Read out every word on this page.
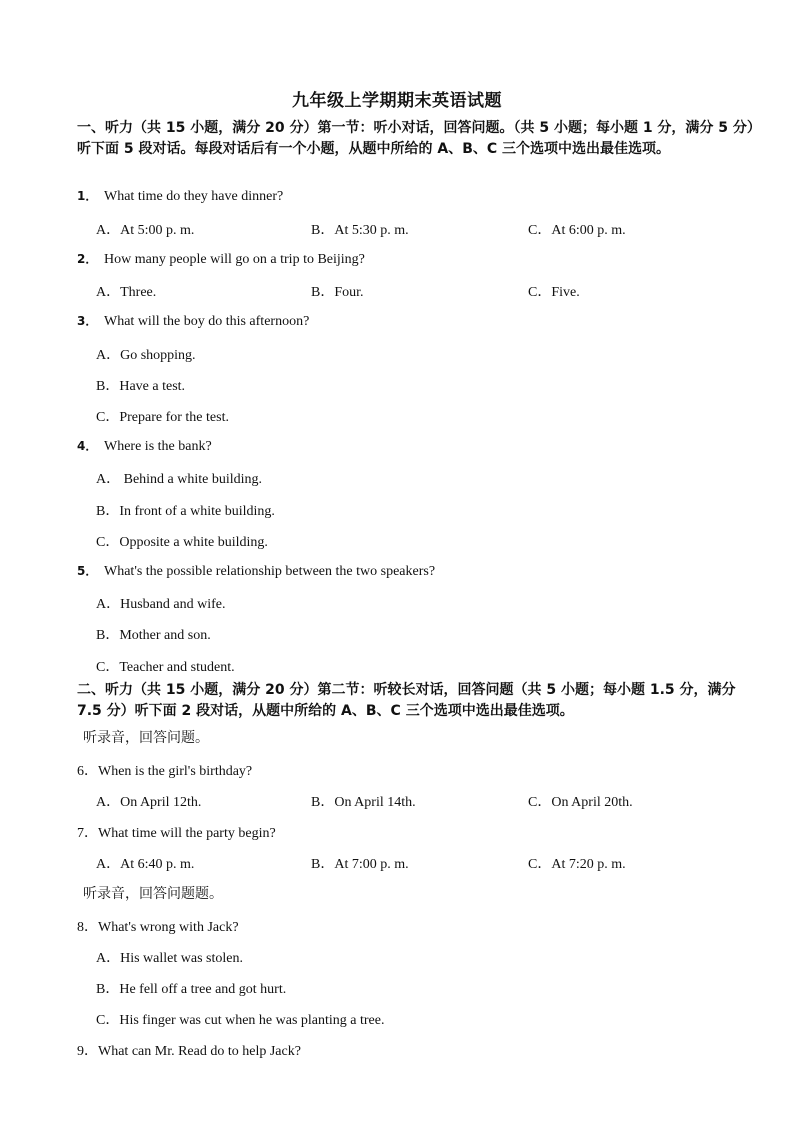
九年级上学期期末英语试题
一、听力（共 15 小题，满分 20 分）第一节：听小对话，回答问题。（共 5 小题；每小题 1 分，满分 5 分）听下面 5 段对话。每段对话后有一个小题，从题中所给的 A、B、C 三个选项中选出最佳选项。
1． What time do they have dinner?
A．At 5:00 p. m.	B．At 5:30 p. m.	C．At 6:00 p. m.
2． How many people will go on a trip to Beijing?
A．Three.	B．Four.	C．Five.
3． What will the boy do this afternoon?
A．Go shopping.
B．Have a test.
C．Prepare for the test.
4． Where is the bank?
A． Behind a white building.
B．In front of a white building.
C．Opposite a white building.
5． What's the possible relationship between the two speakers?
A．Husband and wife.
B．Mother and son.
C．Teacher and student.
二、听力（共 15 小题，满分 20 分）第二节：听较长对话，回答问题（共 5 小题；每小题 1.5 分，满分 7.5 分）听下面 2 段对话，从题中所给的 A、B、C 三个选项中选出最佳选项。
听录音，回答问题。
6．When is the girl's birthday?
A．On April 12th.	B．On April 14th.	C．On April 20th.
7．What time will the party begin?
A．At 6:40 p. m.	B．At 7:00 p. m.	C．At 7:20 p. m.
听录音，回答问题题。
8．What's wrong with Jack?
A．His wallet was stolen.
B．He fell off a tree and got hurt.
C．His finger was cut when he was planting a tree.
9．What can Mr. Read do to help Jack?
